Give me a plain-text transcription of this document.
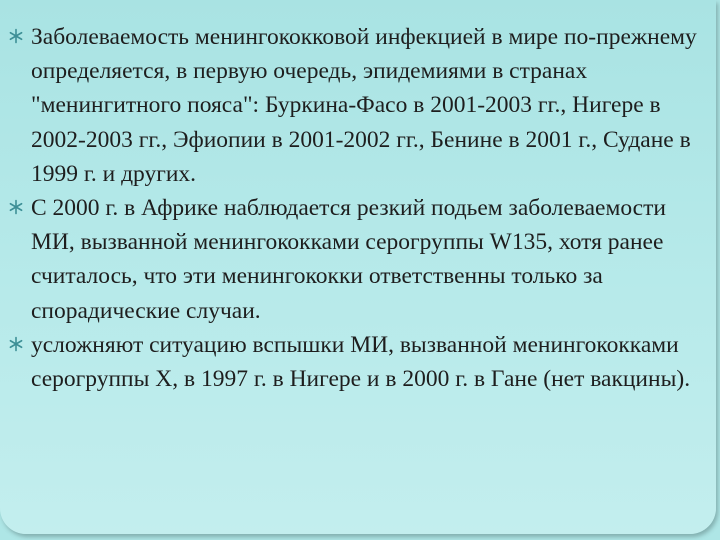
Заболеваемость менингококковой инфекцией в мире по-прежнему определяется, в первую очередь, эпидемиями в странах "менингитного пояса": Буркина-Фасо в 2001-2003 гг., Нигере в 2002-2003 гг., Эфиопии в 2001-2002 гг., Бенине в 2001 г., Судане в 1999 г. и других.
С 2000 г. в Африке наблюдается резкий подьем заболеваемости МИ, вызванной менингококками серогруппы W135, хотя ранее считалось, что эти менингококки ответственны только за спорадические случаи.
усложняют ситуацию вспышки МИ, вызванной менингококками серогруппы X, в 1997 г. в Нигере и в 2000 г. в Гане (нет вакцины).
